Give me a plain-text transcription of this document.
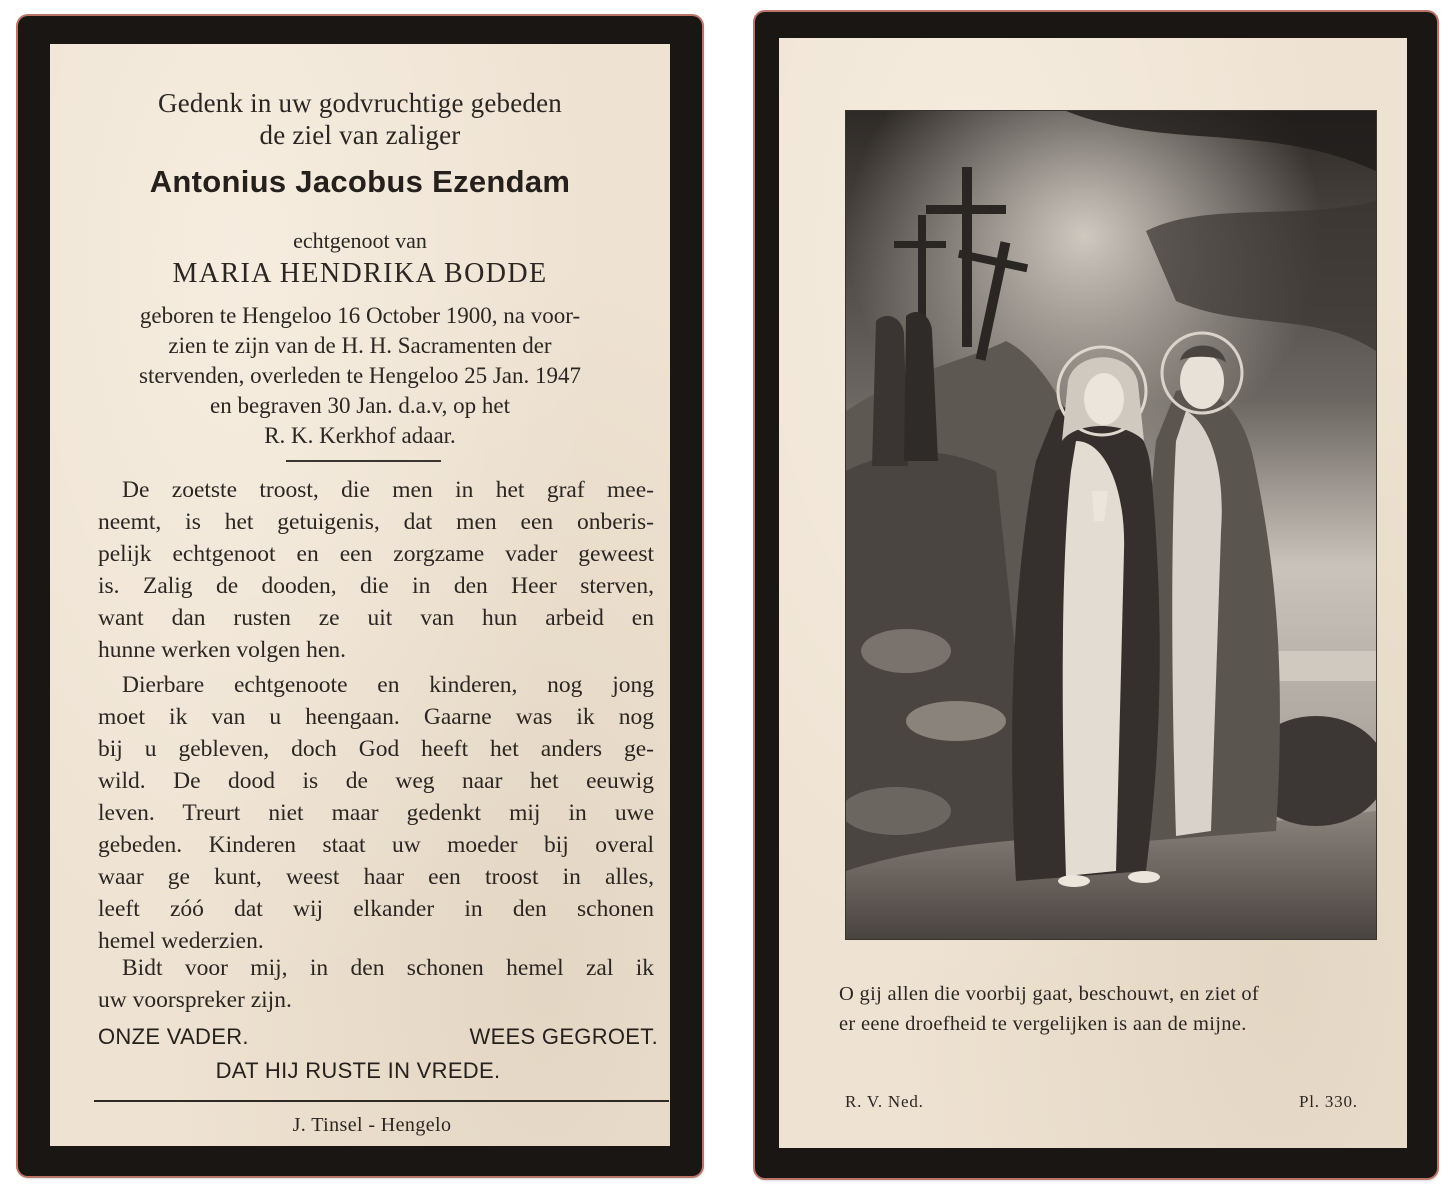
Gedenk in uw godvruchtige gebeden
de ziel van zaliger
Antonius Jacobus Ezendam
echtgenoot van
MARIA HENDRIKA BODDE
geboren te Hengeloo 16 October 1900, na voor-
zien te zijn van de H. H. Sacramenten der
stervenden, overleden te Hengeloo 25 Jan. 1947
en begraven 30 Jan. d.a.v, op het
R. K. Kerkhof adaar.
De zoetste troost, die men in het graf mee-
neemt, is het getuigenis, dat men een onberis-
pelijk echtgenoot en een zorgzame vader geweest
is. Zalig de dooden, die in den Heer sterven,
want dan rusten ze uit van hun arbeid en
hunne werken volgen hen.
Dierbare echtgenoote en kinderen, nog jong
moet ik van u heengaan. Gaarne was ik nog
bij u gebleven, doch God heeft het anders ge-
wild. De dood is de weg naar het eeuwig
leven. Treurt niet maar gedenkt mij in uwe
gebeden. Kinderen staat uw moeder bij overal
waar ge kunt, weest haar een troost in alles,
leeft zóó dat wij elkander in den schonen
hemel wederzien.
Bidt voor mij, in den schonen hemel zal ik
uw voorspreker zijn.
ONZE VADER.	WEES GEGROET.
DAT HIJ RUSTE IN VREDE.
J. Tinsel - Hengelo
O gij allen die voorbij gaat, beschouwt, en ziet of
er eene droefheid te vergelijken is aan de mijne.
R. V. Ned.	Pl. 330.
